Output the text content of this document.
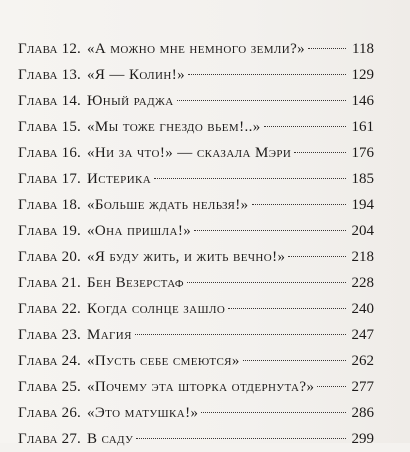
Глава 12. «А можно мне немного земли?»	118
Глава 13. «Я — Колин!»	129
Глава 14. Юный раджа	146
Глава 15. «Мы тоже гнездо вьем!..»	161
Глава 16. «Ни за что!» — сказала Мэри	176
Глава 17. Истерика	185
Глава 18. «Больше ждать нельзя!»	194
Глава 19. «Она пришла!»	204
Глава 20. «Я буду жить, и жить вечно!»	218
Глава 21. Бен Везерстаф	228
Глава 22. Когда солнце зашло	240
Глава 23. Магия	247
Глава 24. «Пусть себе смеются»	262
Глава 25. «Почему эта шторка отдернута?» 277
Глава 26. «Это матушка!»	286
Глава 27. В саду	299
